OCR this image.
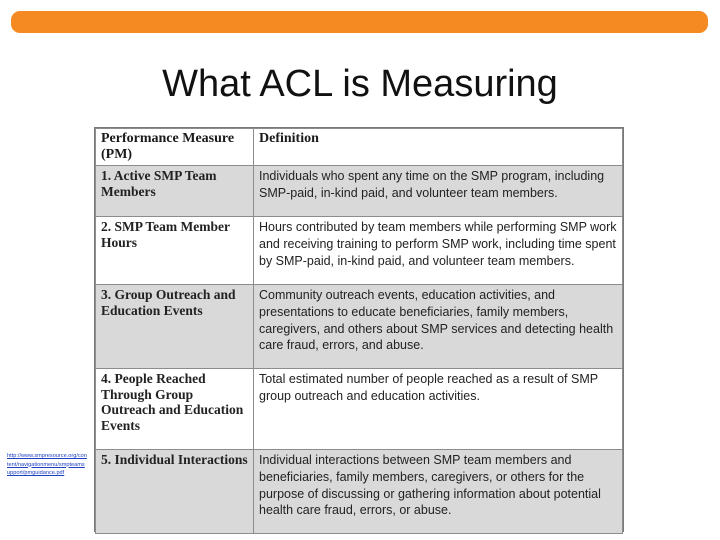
What ACL is Measuring
http://www.smpresource.org/content/navigationmenu/smpteamsupport/pmguidance.pdf
Performance Measure (PM)	Definition
1. Active SMP Team Members	Individuals who spent any time on the SMP program, including SMP-paid, in-kind paid, and volunteer team members.
2. SMP Team Member Hours	Hours contributed by team members while performing SMP work and receiving training to perform SMP work, including time spent by SMP-paid, in-kind paid, and volunteer team members.
3. Group Outreach and Education Events	Community outreach events, education activities, and presentations to educate beneficiaries, family members, caregivers, and others about SMP services and detecting health care fraud, errors, and abuse.
4. People Reached Through Group Outreach and Education Events	Total estimated number of people reached as a result of SMP group outreach and education activities.
5. Individual Interactions	Individual interactions between SMP team members and beneficiaries, family members, caregivers, or others for the purpose of discussing or gathering information about potential health care fraud, errors, or abuse.
